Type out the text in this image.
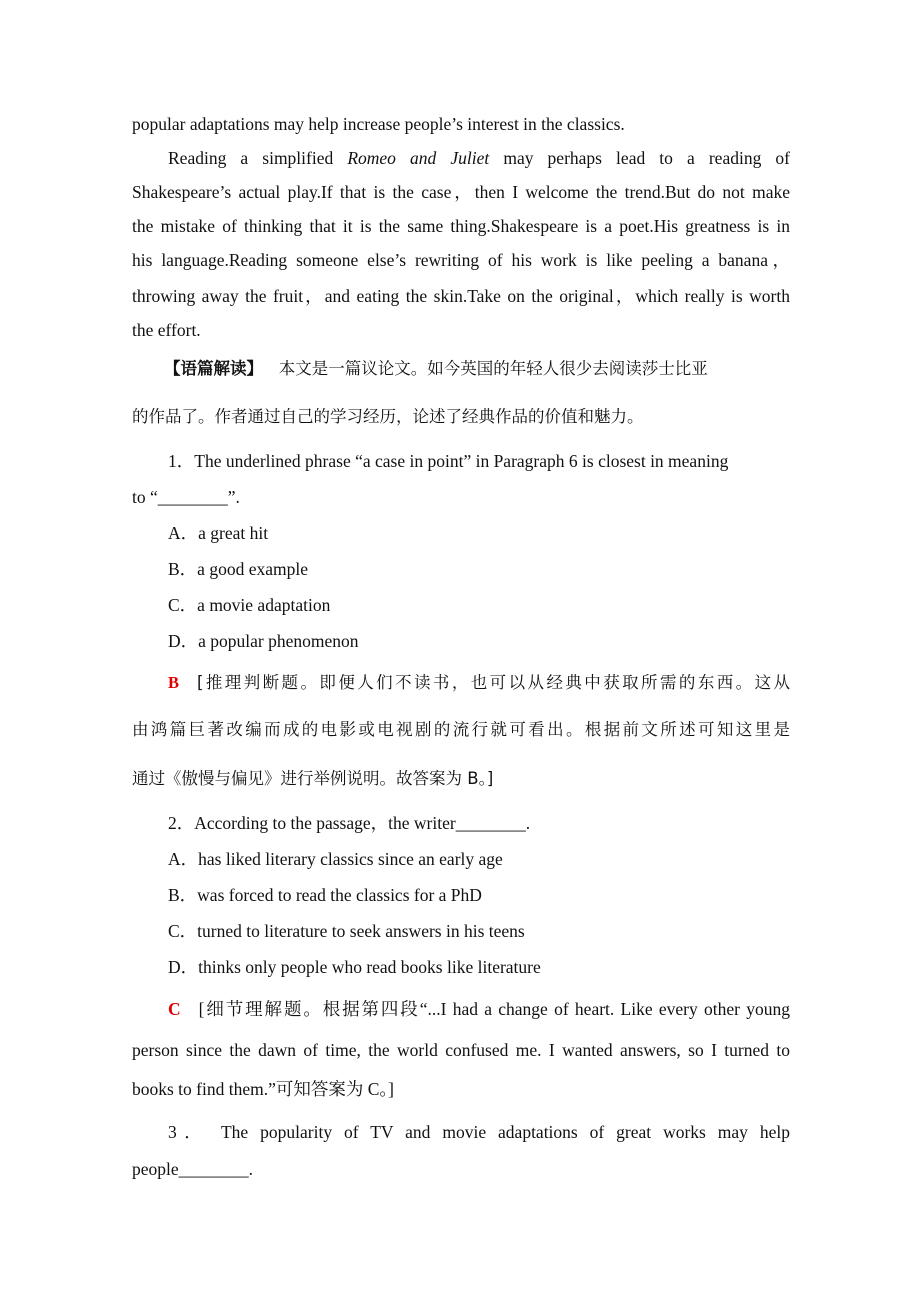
popular adaptations may help increase people’s interest in the classics.
Reading a simplified Romeo and Juliet may perhaps lead to a reading of
Shakespeare’s actual play.If that is the case，then I welcome the trend.But do not make
the mistake of thinking that it is the same thing.Shakespeare is a poet.His greatness is in
his language.Reading someone else’s rewriting of his work is like peeling a banana，
throwing away the fruit，and eating the skin.Take on the original，which really is worth
the effort.
【语篇解读】 本文是一篇议论文。如今英国的年轻人很少去阅读莎士比亚
的作品了。作者通过自己的学习经历，论述了经典作品的价值和魅力。
1．The underlined phrase “a case in point” in Paragraph 6 is closest in meaning
to “________”.
A．a great hit
B．a good example
C．a movie adaptation
D．a popular phenomenon
B [推理判断题。即便人们不读书，也可以从经典中获取所需的东西。这从
由鸿篇巨著改编而成的电影或电视剧的流行就可看出。根据前文所述可知这里是
通过《傲慢与偏见》进行举例说明。故答案为 B。]
2．According to the passage，the writer________.
A．has liked literary classics since an early age
B．was forced to read the classics for a PhD
C．turned to literature to seek answers in his teens
D．thinks only people who read books like literature
C [细节理解题。根据第四段“...I had a change of heart. Like every other young
person since the dawn of time, the world confused me. I wanted answers, so I turned to
books to find them.”可知答案为 C。]
3． The popularity of TV and movie adaptations of great works may help
people________.
